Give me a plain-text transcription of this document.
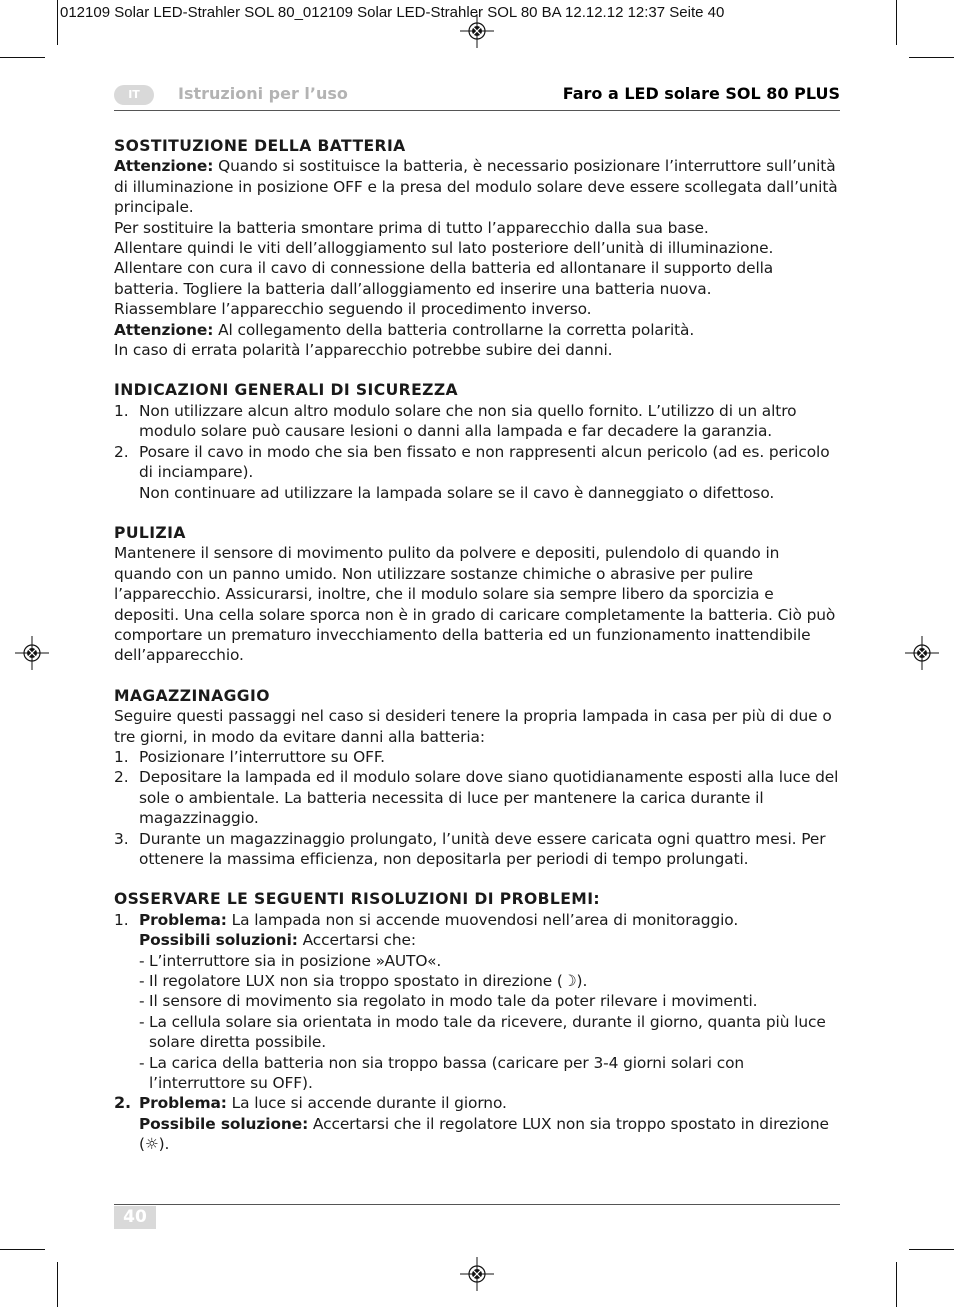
012109 Solar LED-Strahler SOL 80_012109 Solar LED-Strahler SOL 80 BA 12.12.12 12:37 Seite 40
IT	Istruzioni per l’uso	Faro a LED solare SOL 80 PLUS

SOSTITUZIONE DELLA BATTERIA

Attenzione: Quando si sostituisce la batteria, è necessario posizionare l’interruttore sull’unità di illuminazione in posizione OFF e la presa del modulo solare deve essere scollegata dall’unità principale.

Per sostituire la batteria smontare prima di tutto l’apparecchio dalla sua base.

Allentare quindi le viti dell’alloggiamento sul lato posteriore dell’unità di illuminazione.

Allentare con cura il cavo di connessione della batteria ed allontanare il supporto della batteria. Togliere la batteria dall’alloggiamento ed inserire una batteria nuova.

Riassemblare l’apparecchio seguendo il procedimento inverso.

Attenzione: Al collegamento della batteria controllarne la corretta polarità.

In caso di errata polarità l’apparecchio potrebbe subire dei danni.

INDICAZIONI GENERALI DI SICUREZZA

1. Non utilizzare alcun altro modulo solare che non sia quello fornito. L’utilizzo di un altro modulo solare può causare lesioni o danni alla lampada e far decadere la garanzia.
2. Posare il cavo in modo che sia ben fissato e non rappresenti alcun pericolo (ad es. pericolo di inciampare).
Non continuare ad utilizzare la lampada solare se il cavo è danneggiato o difettoso.

PULIZIA

Mantenere il sensore di movimento pulito da polvere e depositi, pulendolo di quando in quando con un panno umido. Non utilizzare sostanze chimiche o abrasive per pulire l’apparecchio. Assicurarsi, inoltre, che il modulo solare sia sempre libero da sporcizia e depositi. Una cella solare sporca non è in grado di caricare completamente la batteria. Ciò può comportare un prematuro invecchiamento della batteria ed un funzionamento inattendibile dell’apparecchio.

MAGAZZINAGGIO

Seguire questi passaggi nel caso si desideri tenere la propria lampada in casa per più di due o tre giorni, in modo da evitare danni alla batteria:

1. Posizionare l’interruttore su OFF.
2. Depositare la lampada ed il modulo solare dove siano quotidianamente esposti alla luce del sole o ambientale. La batteria necessita di luce per mantenere la carica durante il magazzinaggio.
3. Durante un magazzinaggio prolungato, l’unità deve essere caricata ogni quattro mesi. Per ottenere la massima efficienza, non depositarla per periodi di tempo prolungati.

OSSERVARE LE SEGUENTI RISOLUZIONI DI PROBLEMI:

1. Problema: La lampada non si accende muovendosi nell’area di monitoraggio.
Possibili soluzioni: Accertarsi che:
- L’interruttore sia in posizione »AUTO«.
- Il regolatore LUX non sia troppo spostato in direzione (☽).
- Il sensore di movimento sia regolato in modo tale da poter rilevare i movimenti.
- La cellula solare sia orientata in modo tale da ricevere, durante il giorno, quanta più luce solare diretta possibile.
- La carica della batteria non sia troppo bassa (caricare per 3-4 giorni solari con l’interruttore su OFF).
2. Problema: La luce si accende durante il giorno.
Possibile soluzione: Accertarsi che il regolatore LUX non sia troppo spostato in direzione (☼).
40
